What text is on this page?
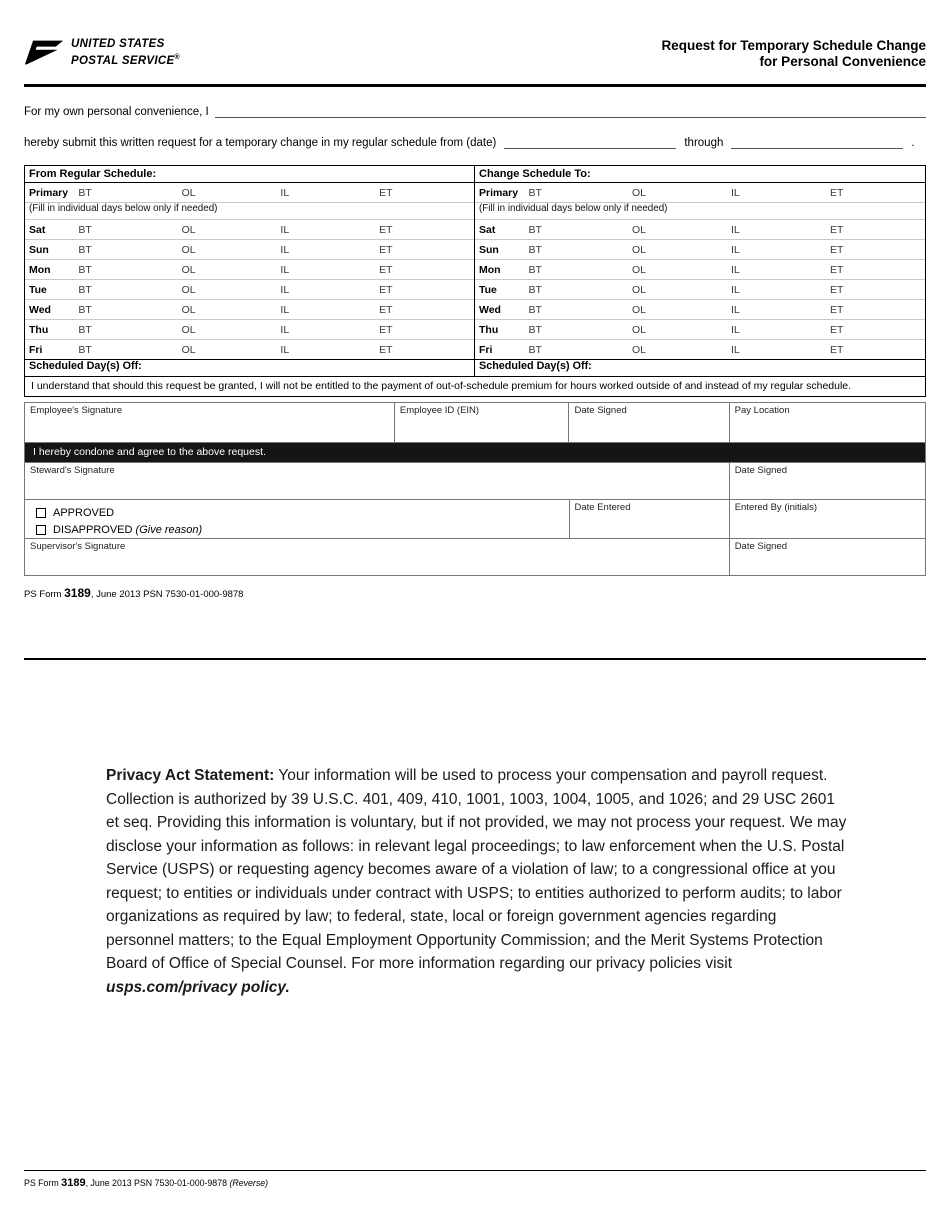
UNITED STATES
POSTAL SERVICE®
Request for Temporary Schedule Change
for Personal Convenience
For my own personal convenience, I
hereby submit this written request for a temporary change in my regular schedule from (date)	through	.
From Regular Schedule:
Primary BT	OL	IL	ET
(Fill in individual days below only if needed)
Sat	BT	OL	IL	ET
Sun	BT	OL	IL	ET
Mon	BT	OL	IL	ET
Tue	BT	OL	IL	ET
Wed	BT	OL	IL	ET
Thu	BT	OL	IL	ET
Fri	BT	OL	IL	ET
Scheduled Day(s) Off:
Change Schedule To:
Primary BT	OL	IL	ET
(Fill in individual days below only if needed)
Sat	BT	OL	IL	ET
Sun	BT	OL	IL	ET
Mon	BT	OL	IL	ET
Tue	BT	OL	IL	ET
Wed	BT	OL	IL	ET
Thu	BT	OL	IL	ET
Fri	BT	OL	IL	ET
Scheduled Day(s) Off:
I understand that should this request be granted, I will not be entitled to the payment of out-of-schedule premium for hours worked outside of and instead of my regular schedule.
Employee's Signature	Employee ID (EIN)	Date Signed	Pay Location
I hereby condone and agree to the above request.
Steward's Signature	Date Signed
APPROVED
DISAPPROVED (Give reason)
Date Entered	Entered By (initials)
Supervisor's Signature	Date Signed
PS Form 3189, June 2013 PSN 7530-01-000-9878
Privacy Act Statement: Your information will be used to process your compensation and payroll request. Collection is authorized by 39 U.S.C. 401, 409, 410, 1001, 1003, 1004, 1005, and 1026; and 29 USC 2601 et seq. Providing this information is voluntary, but if not provided, we may not process your request. We may disclose your information as follows: in relevant legal proceedings; to law enforcement when the U.S. Postal Service (USPS) or requesting agency becomes aware of a violation of law; to a congressional office at you request; to entities or individuals under contract with USPS; to entities authorized to perform audits; to labor organizations as required by law; to federal, state, local or foreign government agencies regarding personnel matters; to the Equal Employment Opportunity Commission; and the Merit Systems Protection Board of Office of Special Counsel. For more information regarding our privacy policies visit usps.com/privacy policy.
PS Form 3189, June 2013 PSN 7530-01-000-9878 (Reverse)
